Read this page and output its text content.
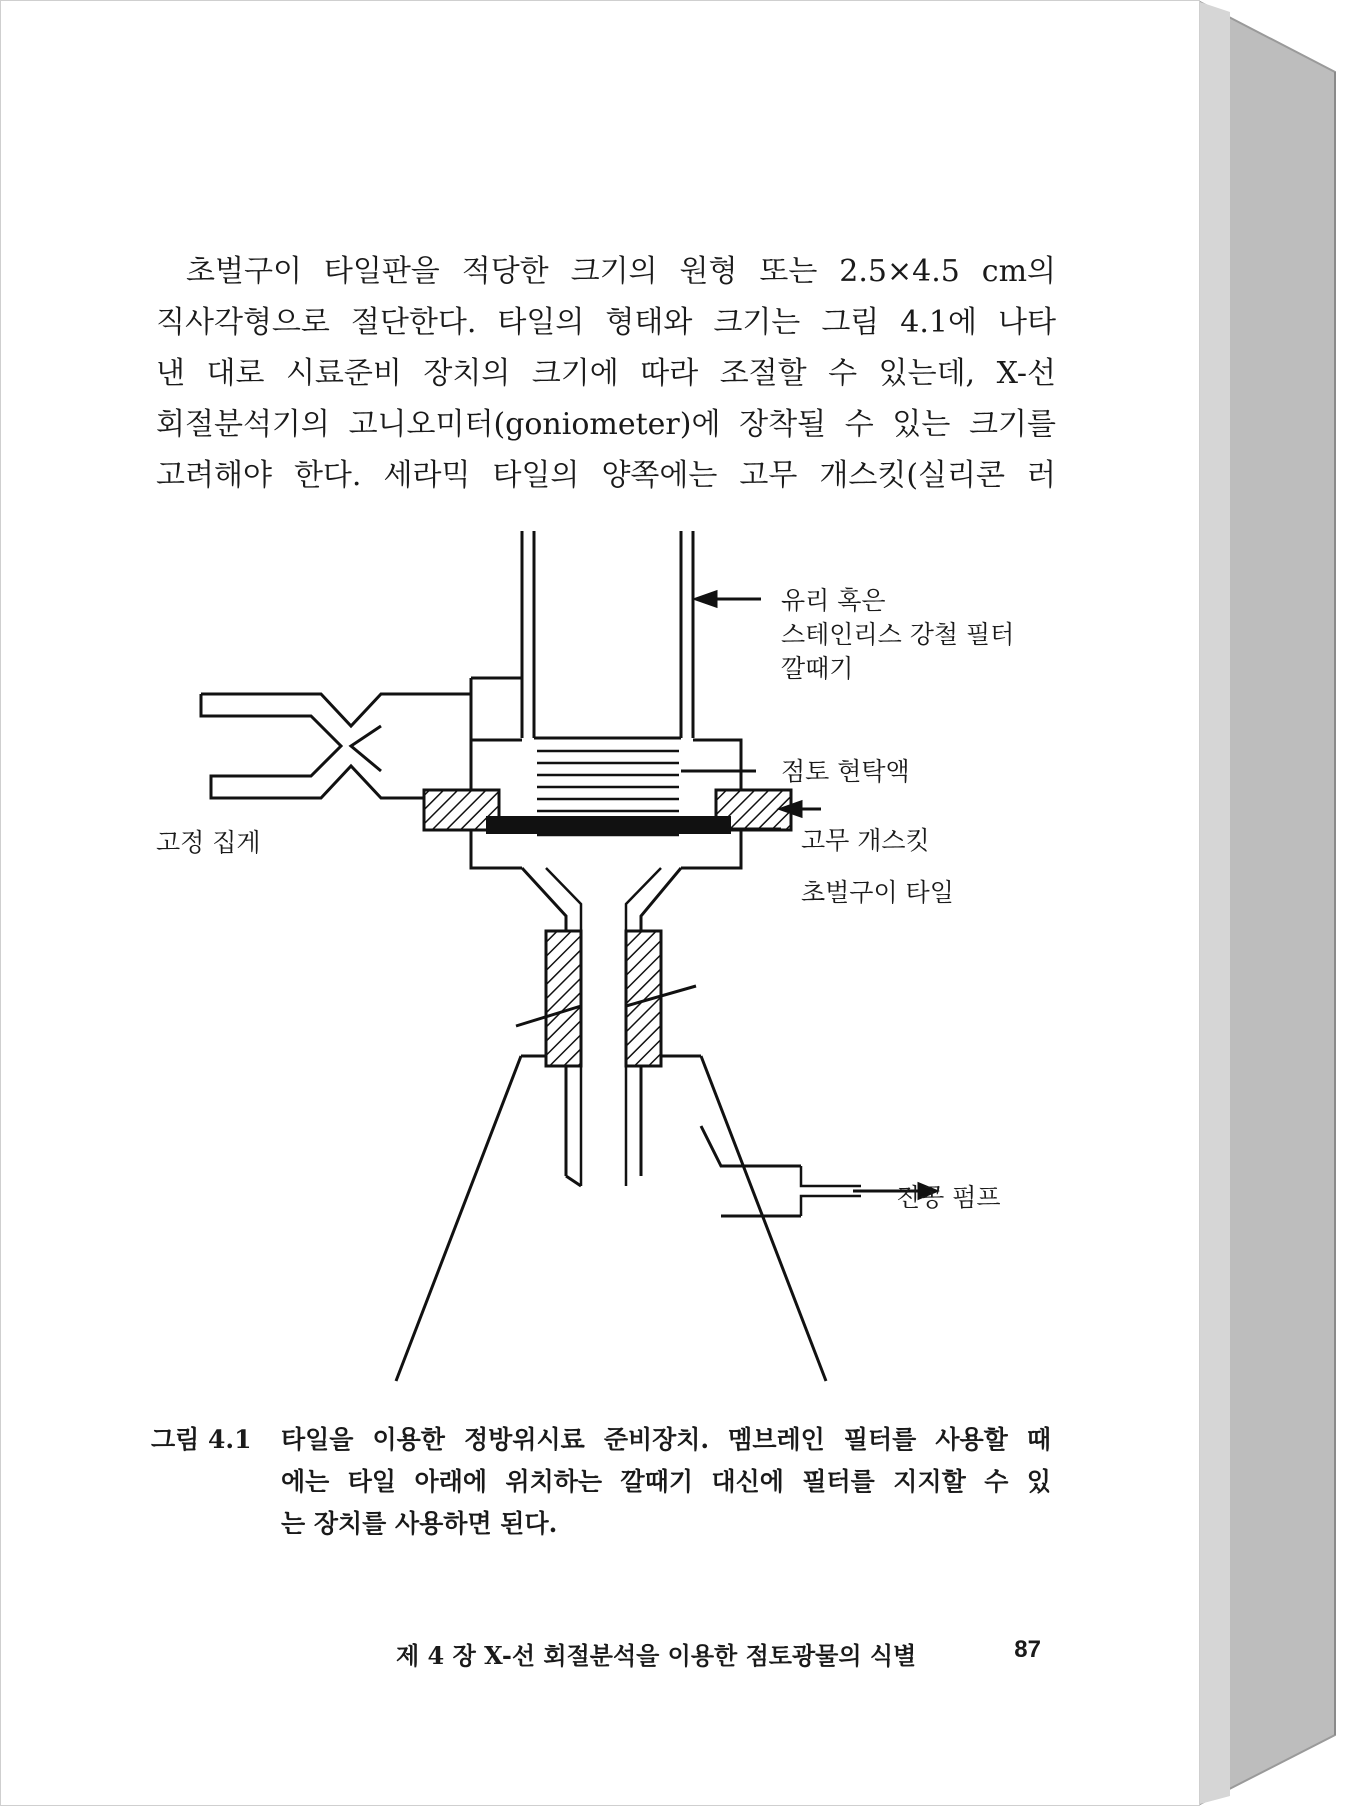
초벌구이 타일판을 적당한 크기의 원형 또는 2.5×4.5 cm의
직사각형으로 절단한다. 타일의 형태와 크기는 그림 4.1에 나타
낸 대로 시료준비 장치의 크기에 따라 조절할 수 있는데, X-선
회절분석기의 고니오미터(goniometer)에 장착될 수 있는 크기를
고려해야 한다. 세라믹 타일의 양쪽에는 고무 개스킷(실리콘 러
유리 혹은
스테인리스 강철 필터
깔때기
점토 현탁액
고무 개스킷
초벌구이 타일
고정 집게
진공 펌프
그림 4.1 타일을 이용한 정방위시료 준비장치. 멤브레인 필터를 사용할 때
에는 타일 아래에 위치하는 깔때기 대신에 필터를 지지할 수 있
는 장치를 사용하면 된다.
제 4 장 X-선 회절분석을 이용한 점토광물의 식별	87
